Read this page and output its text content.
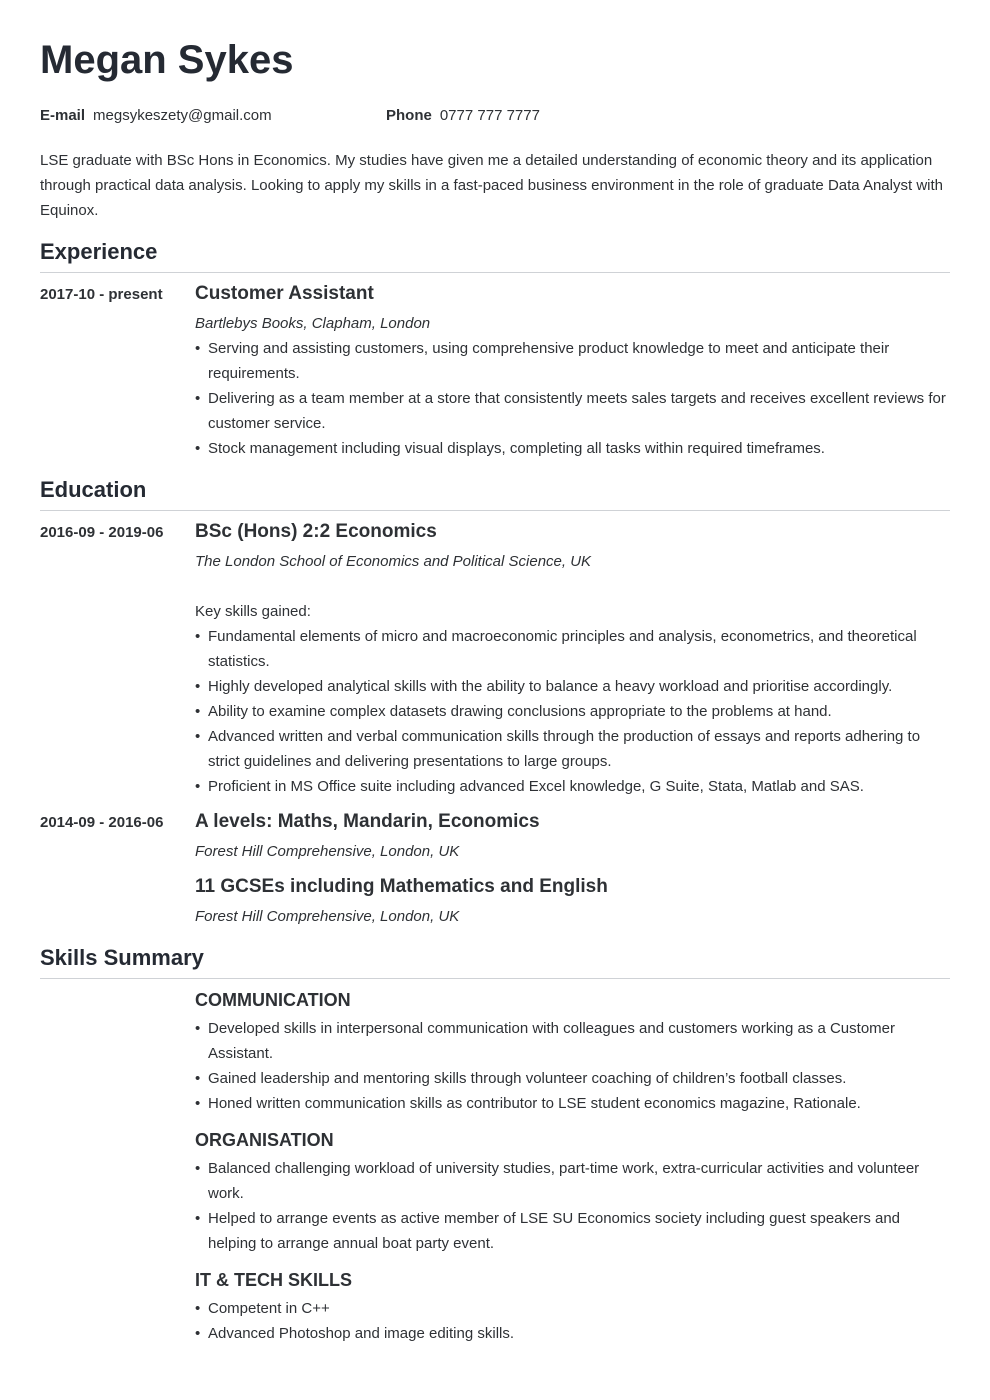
Megan Sykes
E-mail megsykeszety@gmail.com	Phone 0777 777 7777

LSE graduate with BSc Hons in Economics. My studies have given me a detailed understanding of economic theory and its application through practical data analysis. Looking to apply my skills in a fast-paced business environment in the role of graduate Data Analyst with Equinox.

Experience
2017-10 - present Customer Assistant

Bartlebys Books, Clapham, London

• Serving and assisting customers, using comprehensive product knowledge to meet and anticipate their requirements.
• Delivering as a team member at a store that consistently meets sales targets and receives excellent reviews for customer service.
• Stock management including visual displays, completing all tasks within required timeframes.
Education
2016-09 - 2019-06 BSc (Hons) 2:2 Economics

The London School of Economics and Political Science, UK

Key skills gained:

• Fundamental elements of micro and macroeconomic principles and analysis, econometrics, and theoretical statistics.
• Highly developed analytical skills with the ability to balance a heavy workload and prioritise accordingly.
• Ability to examine complex datasets drawing conclusions appropriate to the problems at hand.
• Advanced written and verbal communication skills through the production of essays and reports adhering to strict guidelines and delivering presentations to large groups.
• Proficient in MS Office suite including advanced Excel knowledge, G Suite, Stata, Matlab and SAS.
2014-09 - 2016-06 A levels: Maths, Mandarin, Economics

Forest Hill Comprehensive, London, UK

11 GCSEs including Mathematics and English

Forest Hill Comprehensive, London, UK

Skills Summary
COMMUNICATION
• Developed skills in interpersonal communication with colleagues and customers working as a Customer Assistant.
• Gained leadership and mentoring skills through volunteer coaching of children’s football classes.
• Honed written communication skills as contributor to LSE student economics magazine, Rationale.
ORGANISATION
• Balanced challenging workload of university studies, part-time work, extra-curricular activities and volunteer work.
• Helped to arrange events as active member of LSE SU Economics society including guest speakers and helping to arrange annual boat party event.
IT & TECH SKILLS
• Competent in C++
• Advanced Photoshop and image editing skills.
